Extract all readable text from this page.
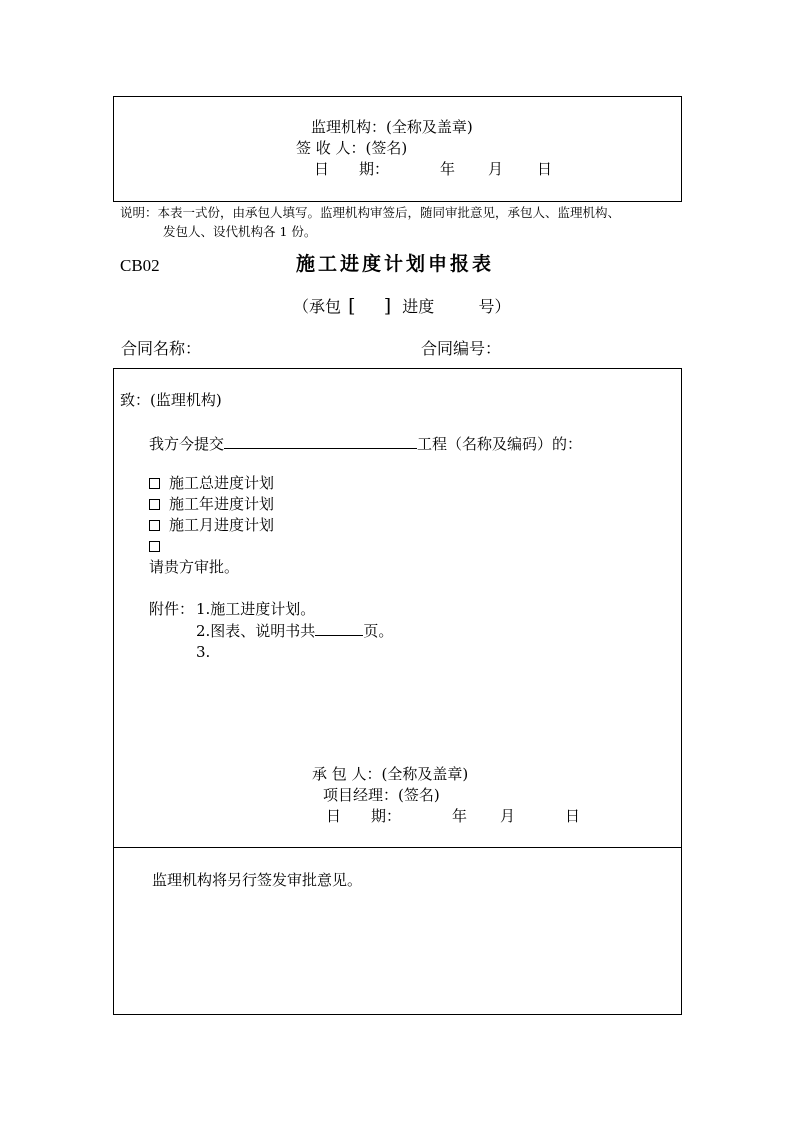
监理机构：(全称及盖章)
签 收 人：(签名)
日　　期：	年 月 日
说明：本表一式份，由承包人填写。监理机构审签后，随同审批意见，承包人、监理机构、
发包人、设代机构各 1 份。
CB02	施工进度计划申报表
（承包 [ ] 进度	号）
合同名称：	合同编号：
致：(监理机构)
我方今提交	工程（名称及编码）的：
施工总进度计划
施工年进度计划
施工月进度计划
请贵方审批。
附件： 1.施工进度计划。
2.图表、说明书共	页。
3.
承 包 人：(全称及盖章)
项目经理：(签名)
日　　期：	年 月	日
监理机构将另行签发审批意见。
